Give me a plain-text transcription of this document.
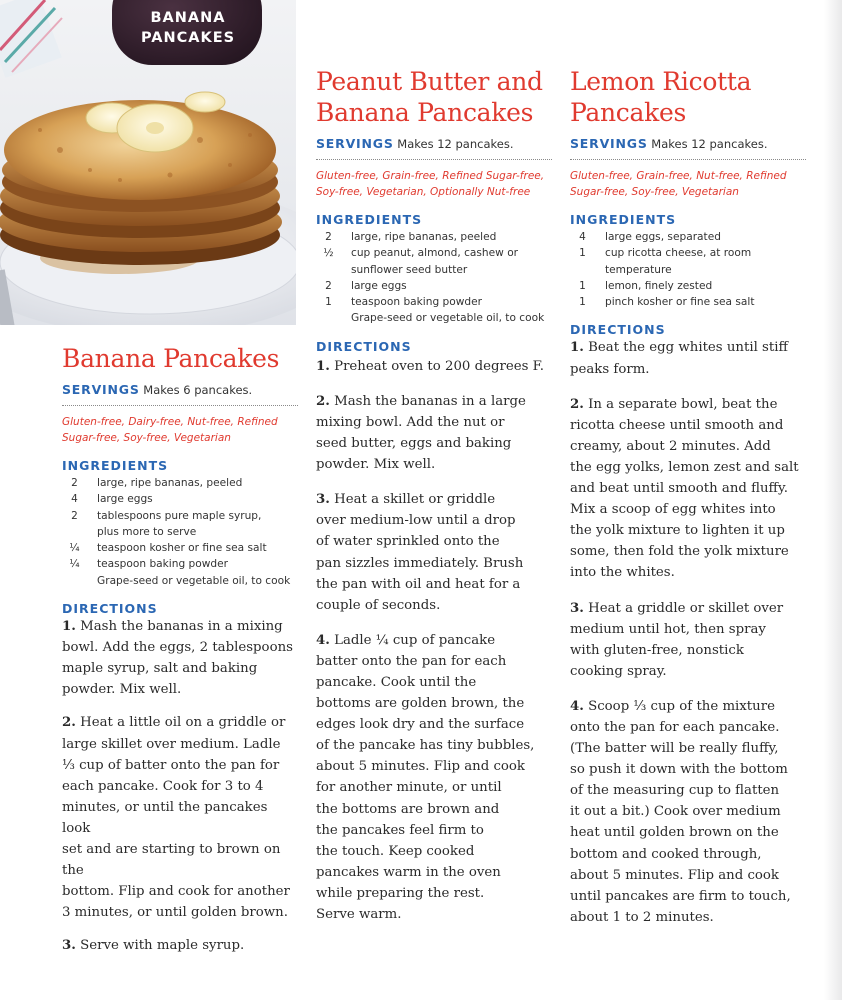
BANANA
PANCAKES
Banana Pancakes
SERVINGS Makes 6 pancakes.
Gluten-free, Dairy-free, Nut-free, Refined
Sugar-free, Soy-free, Vegetarian
INGREDIENTS
2	large, ripe bananas, peeled
4	large eggs
2	tablespoons pure maple syrup,
plus more to serve
¼	teaspoon kosher or fine sea salt
¼	teaspoon baking powder
Grape-seed or vegetable oil, to cook
DIRECTIONS
1. Mash the bananas in a mixing
bowl. Add the eggs, 2 tablespoons
maple syrup, salt and baking
powder. Mix well.
2. Heat a little oil on a griddle or
large skillet over medium. Ladle
⅓ cup of batter onto the pan for
each pancake. Cook for 3 to 4
minutes, or until the pancakes look
set and are starting to brown on the
bottom. Flip and cook for another
3 minutes, or until golden brown.
3. Serve with maple syrup.
Peanut Butter and
Banana Pancakes
SERVINGS Makes 12 pancakes.
Gluten-free, Grain-free, Refined Sugar-free,
Soy-free, Vegetarian, Optionally Nut-free
INGREDIENTS
2	large, ripe bananas, peeled
½	cup peanut, almond, cashew or
sunflower seed butter
2	large eggs
1	teaspoon baking powder
Grape-seed or vegetable oil, to cook
DIRECTIONS
1. Preheat oven to 200 degrees F.
2. Mash the bananas in a large
mixing bowl. Add the nut or
seed butter, eggs and baking
powder. Mix well.
3. Heat a skillet or griddle
over medium-low until a drop
of water sprinkled onto the
pan sizzles immediately. Brush
the pan with oil and heat for a
couple of seconds.
4. Ladle ¼ cup of pancake
batter onto the pan for each
pancake. Cook until the
bottoms are golden brown, the
edges look dry and the surface
of the pancake has tiny bubbles,
about 5 minutes. Flip and cook
for another minute, or until
the bottoms are brown and
the pancakes feel firm to
the touch. Keep cooked
pancakes warm in the oven
while preparing the rest.
Serve warm.
Lemon Ricotta
Pancakes
SERVINGS Makes 12 pancakes.
Gluten-free, Grain-free, Nut-free, Refined
Sugar-free, Soy-free, Vegetarian
INGREDIENTS
4	large eggs, separated
1	cup ricotta cheese, at room
temperature
1	lemon, finely zested
1	pinch kosher or fine sea salt
DIRECTIONS
1. Beat the egg whites until stiff
peaks form.
2. In a separate bowl, beat the
ricotta cheese until smooth and
creamy, about 2 minutes. Add
the egg yolks, lemon zest and salt
and beat until smooth and fluffy.
Mix a scoop of egg whites into
the yolk mixture to lighten it up
some, then fold the yolk mixture
into the whites.
3. Heat a griddle or skillet over
medium until hot, then spray
with gluten-free, nonstick
cooking spray.
4. Scoop ⅓ cup of the mixture
onto the pan for each pancake.
(The batter will be really fluffy,
so push it down with the bottom
of the measuring cup to flatten
it out a bit.) Cook over medium
heat until golden brown on the
bottom and cooked through,
about 5 minutes. Flip and cook
until pancakes are firm to touch,
about 1 to 2 minutes.
